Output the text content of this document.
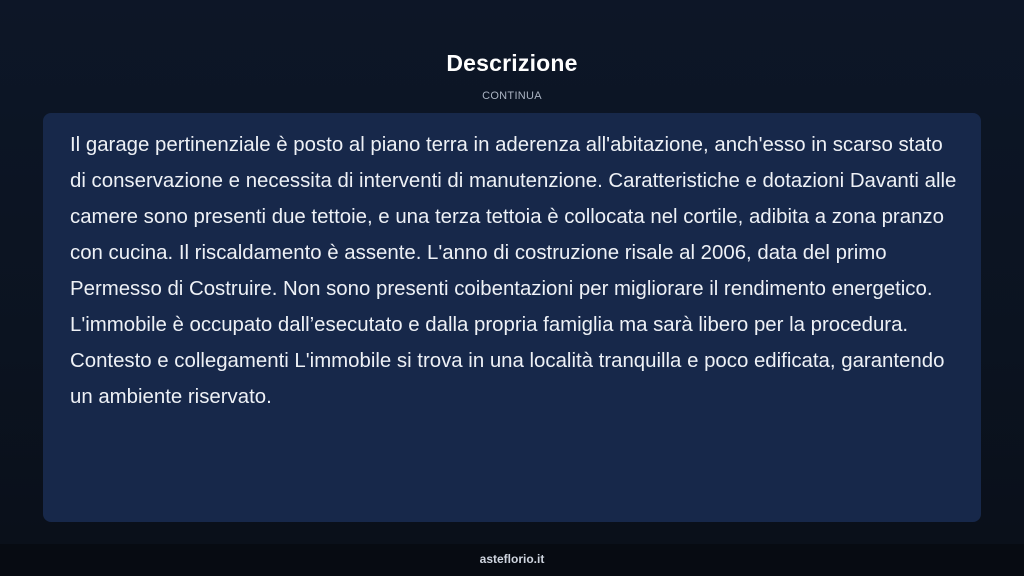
Descrizione
CONTINUA

Il garage pertinenziale è posto al piano terra in aderenza all'abitazione, anch'esso in scarso stato di conservazione e necessita di interventi di manutenzione. Caratteristiche e dotazioni Davanti alle camere sono presenti due tettoie, e una terza tettoia è collocata nel cortile, adibita a zona pranzo con cucina. Il riscaldamento è assente. L'anno di costruzione risale al 2006, data del primo Permesso di Costruire. Non sono presenti coibentazioni per migliorare il rendimento energetico. L'immobile è occupato dall’esecutato e dalla propria famiglia ma sarà libero per la procedura. Contesto e collegamenti L'immobile si trova in una località tranquilla e poco edificata, garantendo un ambiente riservato.

asteflorio.it
